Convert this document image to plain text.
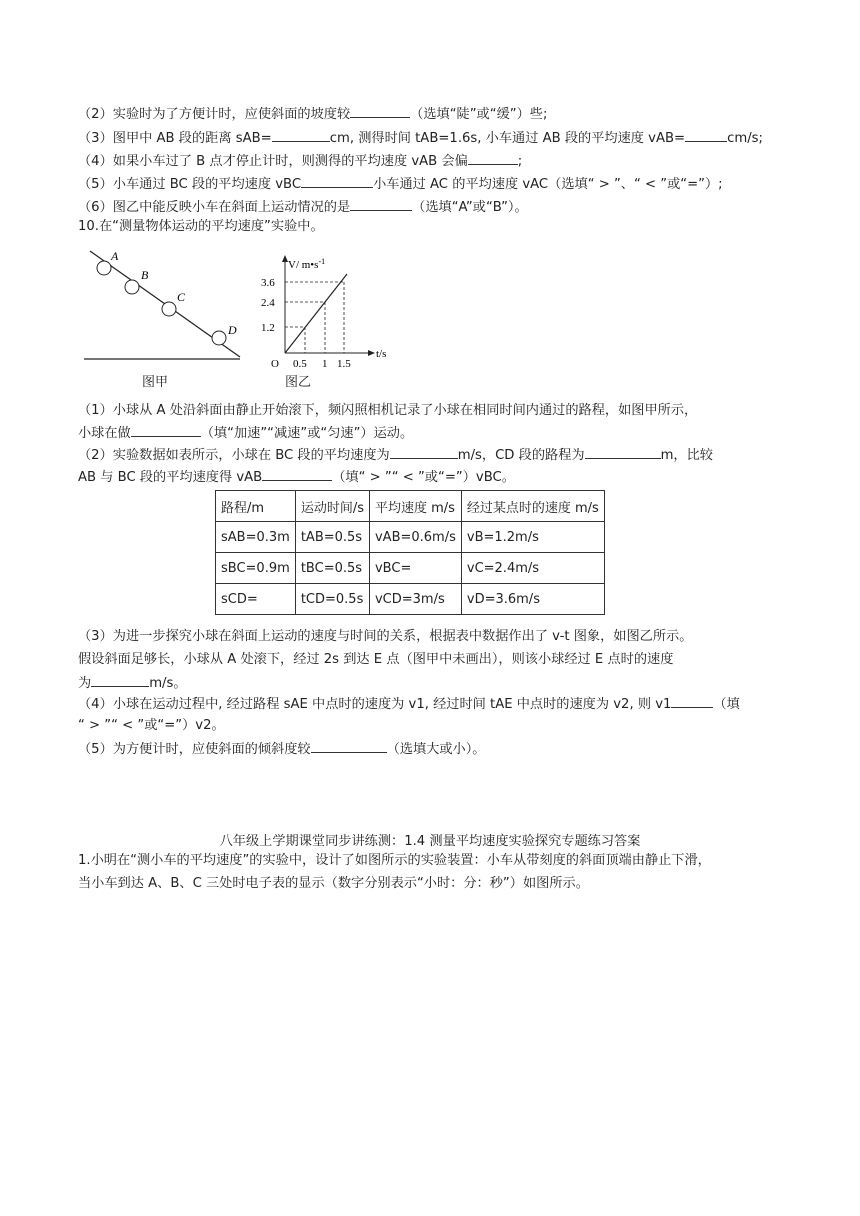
（2）实验时为了方便计时，应使斜面的坡度较	（选填“陡”或“缓”）些;
（3）图甲中 AB 段的距离 sAB=	cm, 测得时间 tAB=1.6s, 小车通过 AB 段的平均速度 vAB=	cm/s;
（4）如果小车过了 B 点才停止计时，则测得的平均速度 vAB 会偏	;
（5）小车通过 BC 段的平均速度 vBC	小车通过 AC 的平均速度 vAC（选填“ > ”、“ < ”或“=”）;
（6）图乙中能反映小车在斜面上运动情况的是	（选填“A”或“B”）。
10.在“测量物体运动的平均速度”实验中。
A
B
C
D
图甲
V/ $m•s^{-1}$
t/s
O
3.6
2.4
1.2
0.5 1 1.5
图乙
（1）小球从 A 处沿斜面由静止开始滚下，频闪照相机记录了小球在相同时间内通过的路程，如图甲所示，
小球在做	（填“加速”“减速”或“匀速”）运动。
（2）实验数据如表所示，小球在 BC 段的平均速度为	m/s，CD 段的路程为	m，比较
AB 与 BC 段的平均速度得 vAB	（填“ > ”“ < ”或“=”）vBC。
路程/m	运动时间/s	平均速度 m/s	经过某点时的速度 m/s
sAB=0.3m	tAB=0.5s	vAB=0.6m/s	vB=1.2m/s
sBC=0.9m	tBC=0.5s	vBC=	vC=2.4m/s
sCD=	tCD=0.5s	vCD=3m/s	vD=3.6m/s
（3）为进一步探究小球在斜面上运动的速度与时间的关系，根据表中数据作出了 v-t 图象，如图乙所示。
假设斜面足够长，小球从 A 处滚下，经过 2s 到达 E 点（图甲中未画出），则该小球经过 E 点时的速度
为	m/s。
（4）小球在运动过程中, 经过路程 sAE 中点时的速度为 v1, 经过时间 tAE 中点时的速度为 v2, 则 v1	（填
“ > ”“ < ”或“=”）v2。
（5）为方便计时，应使斜面的倾斜度较	（选填大或小）。
八年级上学期课堂同步讲练测：1.4 测量平均速度实验探究专题练习答案
1.小明在“测小车的平均速度”的实验中，设计了如图所示的实验装置：小车从带刻度的斜面顶端由静止下滑，
当小车到达 A、B、C 三处时电子表的显示（数字分别表示“小时：分：秒”）如图所示。
